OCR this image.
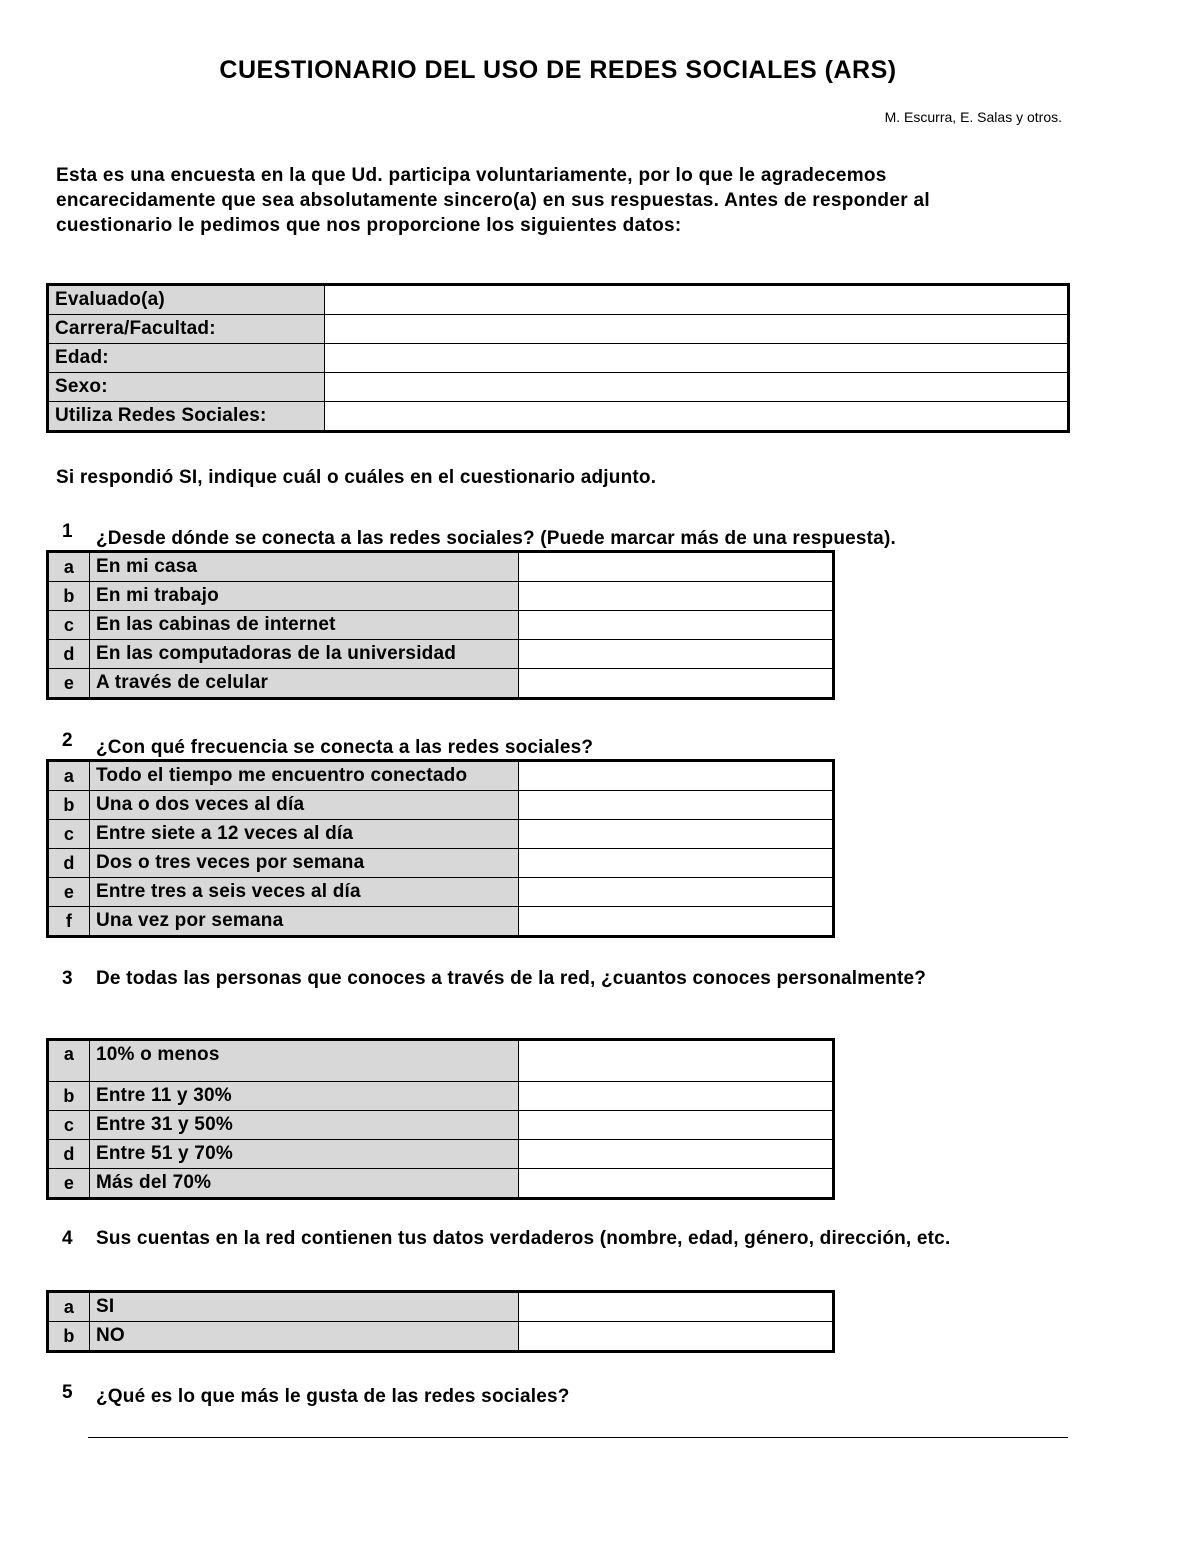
CUESTIONARIO DEL USO DE REDES SOCIALES (ARS)
M. Escurra, E. Salas y otros.
Esta es una encuesta en la que Ud. participa voluntariamente, por lo que le agradecemos encarecidamente que sea absolutamente sincero(a) en sus respuestas. Antes de responder al cuestionario le pedimos que nos proporcione los siguientes datos:
Evaluado(a)	
Carrera/Facultad:	
Edad:	
Sexo:	
Utiliza Redes Sociales:	
Si respondió SI, indique cuál o cuáles en el cuestionario adjunto.
1 ¿Desde dónde se conecta a las redes sociales? (Puede marcar más de una respuesta).
a	En mi casa	
b	En mi trabajo	
c	En las cabinas de internet	
d	En las computadoras de la universidad	
e	A través de celular	
2 ¿Con qué frecuencia se conecta a las redes sociales?
a	Todo el tiempo me encuentro conectado	
b	Una o dos veces al día	
c	Entre siete a 12 veces al día	
d	Dos o tres veces por semana	
e	Entre tres a seis veces al día	
f	Una vez por semana	
3 De todas las personas que conoces a través de la red, ¿cuantos conoces personalmente?
a	10% o menos	
b	Entre 11 y 30%	
c	Entre 31 y 50%	
d	Entre 51 y 70%	
e	Más del 70%	
4 Sus cuentas en la red contienen tus datos verdaderos (nombre, edad, género, dirección, etc.
a	SI	
b	NO	
5 ¿Qué es lo que más le gusta de las redes sociales?
